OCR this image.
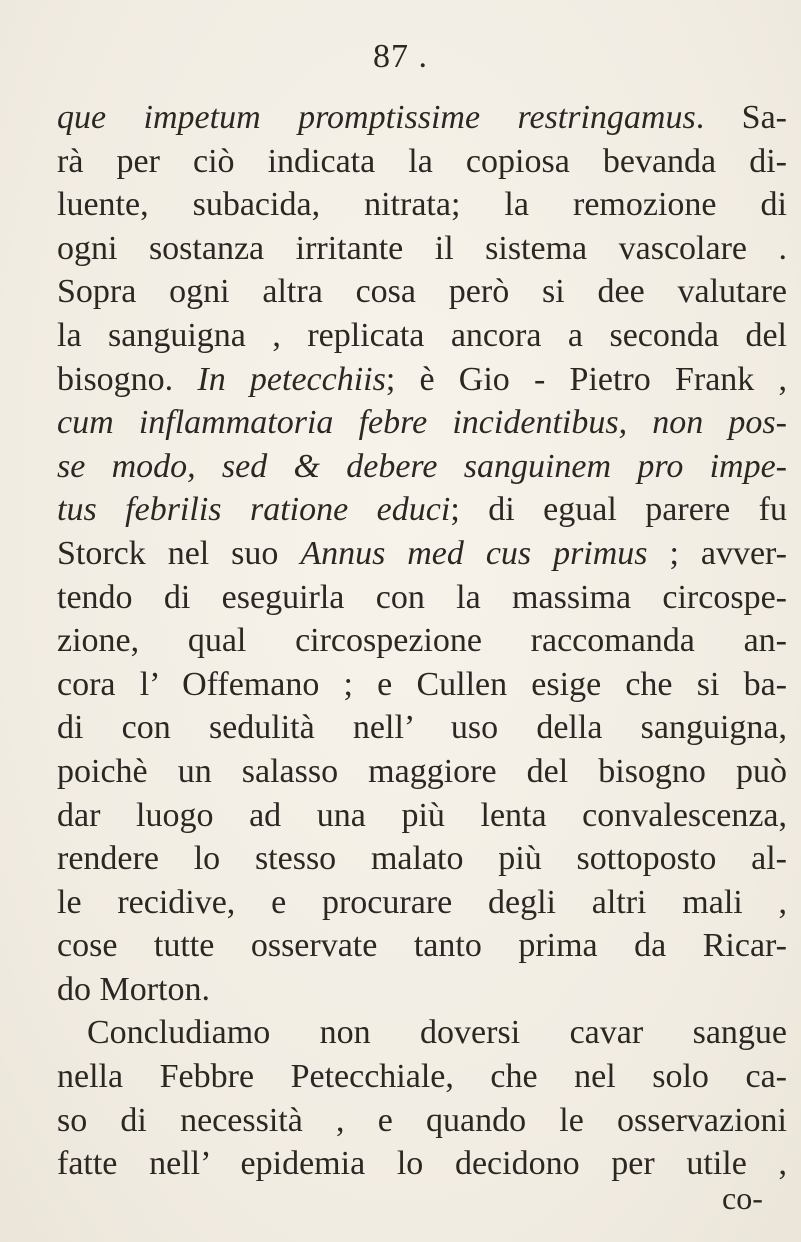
87 .
que impetum promptissime restringamus. Sa-
rà per ciò indicata la copiosa bevanda di-
luente, subacida, nitrata; la remozione di
ogni sostanza irritante il sistema vascolare .
Sopra ogni altra cosa però si dee valutare
la sanguigna , replicata ancora a seconda del
bisogno. In petecchiis; è Gio - Pietro Frank ,
cum inflammatoria febre incidentibus, non pos-
se modo, sed & debere sanguinem pro impe-
tus febrilis ratione educi; di egual parere fu
Storck nel suo Annus med cus primus ; avver-
tendo di eseguirla con la massima circospe-
zione, qual circospezione raccomanda an-
cora l’ Offemano ; e Cullen esige che si ba-
di con sedulità nell’ uso della sanguigna,
poichè un salasso maggiore del bisogno può
dar luogo ad una più lenta convalescenza,
rendere lo stesso malato più sottoposto al-
le recidive, e procurare degli altri mali ,
cose tutte osservate tanto prima da Ricar-
do Morton.
Concludiamo non doversi cavar sangue
nella Febbre Petecchiale, che nel solo ca-
so di necessità , e quando le osservazioni
fatte nell’ epidemia lo decidono per utile ,
co-
